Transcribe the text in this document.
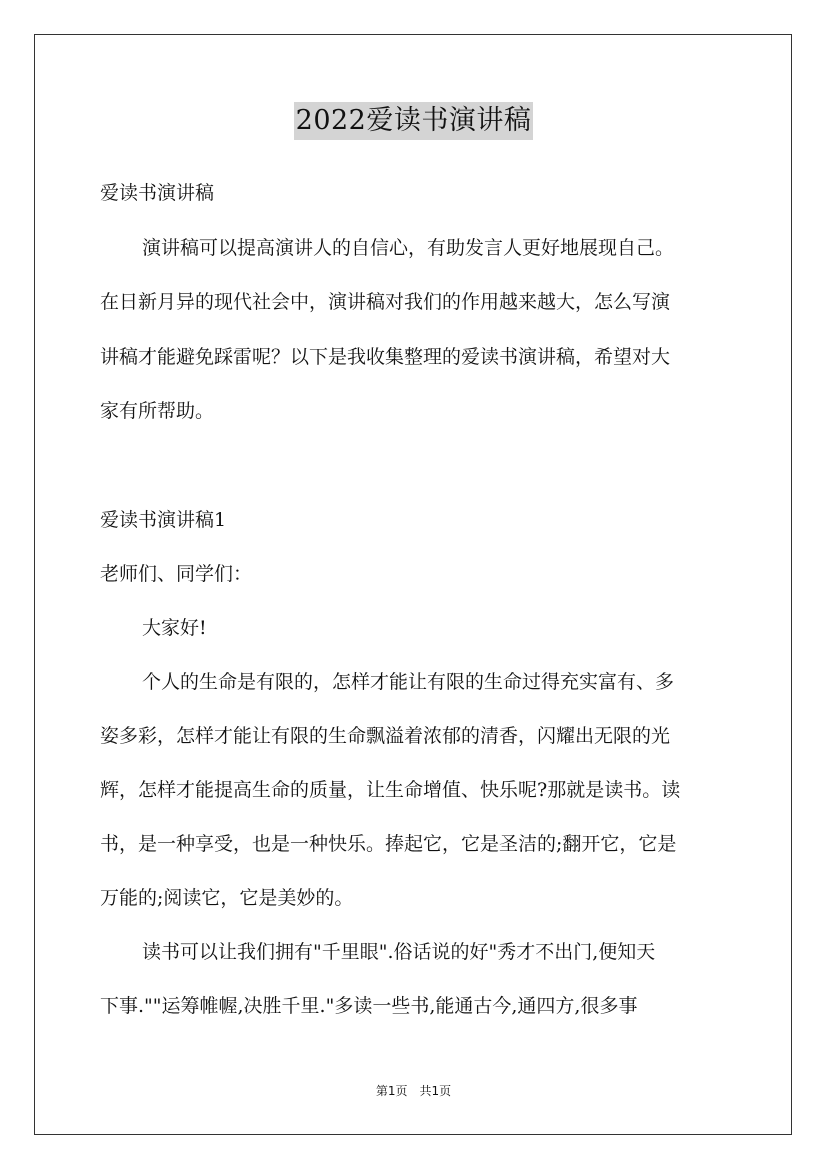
2022爱读书演讲稿
爱读书演讲稿
演讲稿可以提高演讲人的自信心，有助发言人更好地展现自己。
在日新月异的现代社会中，演讲稿对我们的作用越来越大，怎么写演
讲稿才能避免踩雷呢？以下是我收集整理的爱读书演讲稿，希望对大
家有所帮助。
爱读书演讲稿1
老师们、同学们：
大家好!
个人的生命是有限的，怎样才能让有限的生命过得充实富有、多
姿多彩，怎样才能让有限的生命飘溢着浓郁的清香，闪耀出无限的光
辉，怎样才能提高生命的质量，让生命增值、快乐呢?那就是读书。读
书，是一种享受，也是一种快乐。捧起它，它是圣洁的;翻开它，它是
万能的;阅读它，它是美妙的。
读书可以让我们拥有"千里眼".俗话说的好"秀才不出门,便知天
下事.""运筹帷幄,决胜千里."多读一些书,能通古今,通四方,很多事
第1页　共1页
